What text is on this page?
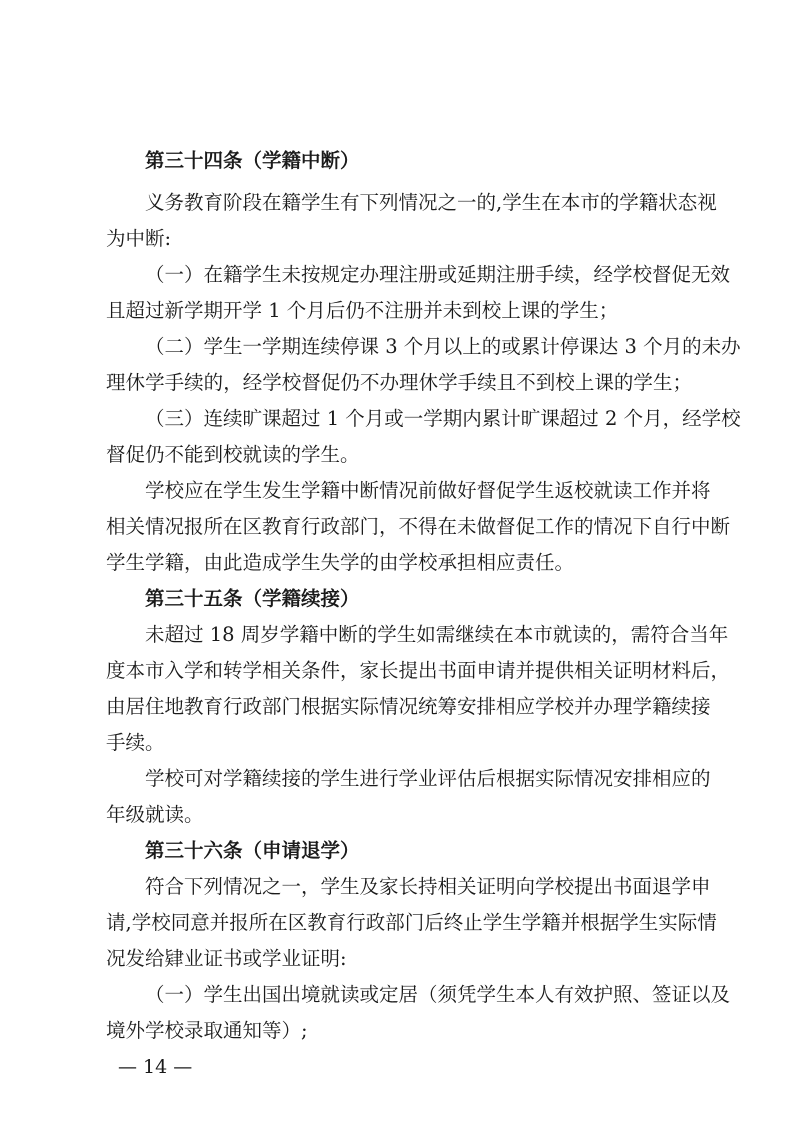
第三十四条（学籍中断）
义务教育阶段在籍学生有下列情况之一的,学生在本市的学籍状态视
为中断:
（一）在籍学生未按规定办理注册或延期注册手续，经学校督促无效
且超过新学期开学 1 个月后仍不注册并未到校上课的学生；
（二）学生一学期连续停课 3 个月以上的或累计停课达 3 个月的未办
理休学手续的，经学校督促仍不办理休学手续且不到校上课的学生；
（三）连续旷课超过 1 个月或一学期内累计旷课超过 2 个月，经学校
督促仍不能到校就读的学生。
学校应在学生发生学籍中断情况前做好督促学生返校就读工作并将
相关情况报所在区教育行政部门，不得在未做督促工作的情况下自行中断
学生学籍，由此造成学生失学的由学校承担相应责任。
第三十五条（学籍续接）
未超过 18 周岁学籍中断的学生如需继续在本市就读的，需符合当年
度本市入学和转学相关条件，家长提出书面申请并提供相关证明材料后，
由居住地教育行政部门根据实际情况统筹安排相应学校并办理学籍续接
手续。
学校可对学籍续接的学生进行学业评估后根据实际情况安排相应的
年级就读。
第三十六条（申请退学）
符合下列情况之一，学生及家长持相关证明向学校提出书面退学申
请,学校同意并报所在区教育行政部门后终止学生学籍并根据学生实际情
况发给肄业证书或学业证明:
（一）学生出国出境就读或定居（须凭学生本人有效护照、签证以及
境外学校录取通知等）;
— 14 —
